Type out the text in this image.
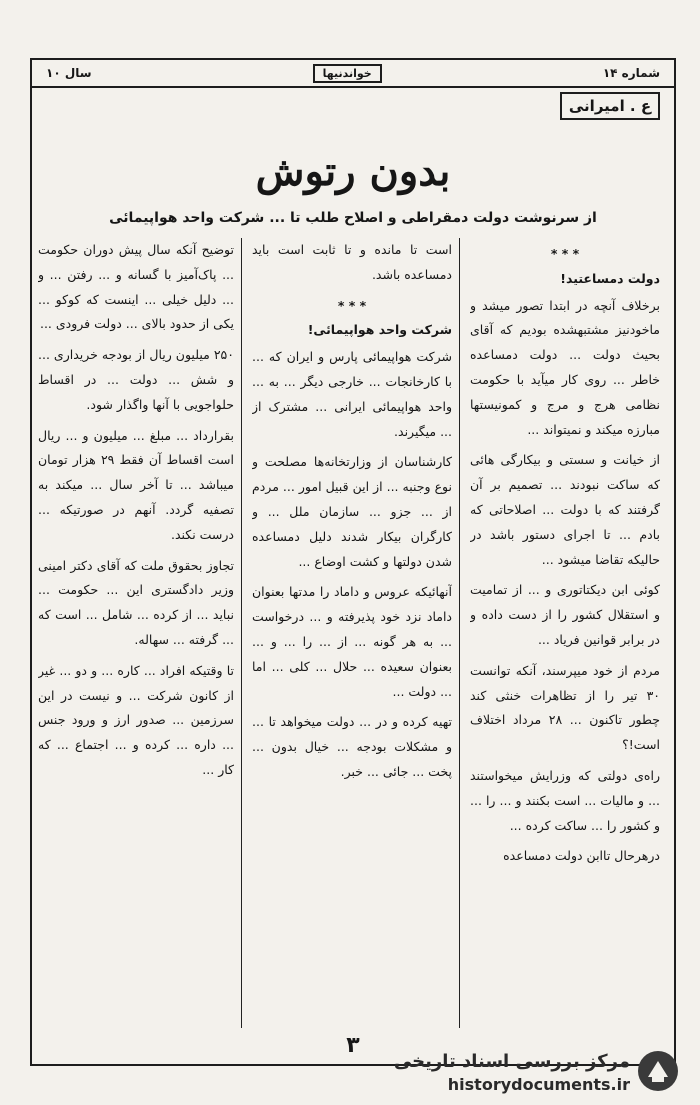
شماره ۱۴
خواندنیها
سال ۱۰
ع . امیرانی
بدون رتوش
از سرنوشت دولت دمقراطی و اصلاح طلب تا ... شرکت واحد هواپیمائی

* * *

دولت دمساعتید!

برخلاف آنچه در ابتدا تصور میشد و ماخودنیز مشتبهشده بودیم که آقای بحیث دولت ... دولت دمساعده خاطر ... روی کار میآید با حکومت نظامی هرج و مرج و کمونیستها مبارزه میکند و نمیتواند ...

از خیانت و سستی و بیکارگی هائی که ساکت نبودند ... تصمیم بر آن گرفتند که با دولت ... اصلاحاتی که بادم ... تا اجرای دستور باشد در حالیکه تقاضا میشود ...

کوئی ابن دیکتاتوری و ... از تمامیت و استقلال کشور را از دست داده و در برابر قوانین فریاد ...

مردم از خود میپرسند، آنکه توانست ۳۰ تیر را از تظاهرات خنثی کند چطور تاکنون ... ۲۸ مرداد اختلاف است!؟

راه‌ی دولتی که وزرایش میخواستند ... و مالیات ... است بکنند و ... را ... و کشور را ... ساکت کرده ...

درهرحال تاابن دولت دمساعده

است تا مانده و تا ثابت است باید دمساعده باشد.

* * *

شرکت واحد هواپیمائی!

شرکت هواپیمائی پارس و ایران که ... با کارخانجات ... خارجی دیگر ... به ... واحد هواپیمائی ایرانی ... مشترک از ... میگیرند.

کارشناسان از وزارتخانه‌ها مصلحت و نوع وجنبه ... از این قبیل امور ... مردم از ... جزو ... سازمان ملل ... و کارگران بیکار شدند دلیل دمساعده شدن دولتها و کشت اوضاع ...

آنهائیکه عروس و داماد را مدتها بعنوان داماد نزد خود پذیرفته و ... درخواست ... به هر گونه ... از ... را ... و ... بعنوان سعیده ... حلال ... کلی ... اما ... دولت ...

تهیه کرده و در ... دولت میخواهد تا ... و مشکلات بودجه ... خیال بدون ... پخت ... جائی ... خبر.

توضیح آنکه سال پیش دوران حکومت ... پاک‌آمیز با گسانه و ... رفتن ... و ... دلیل خیلی ... اینست که کوکو ... یکی از حدود بالای ... دولت فرودی ...

۲۵۰ میلیون ریال از بودجه خریداری ... و شش ... دولت ... در اقساط حلواجویی با آنها واگذار شود.

بقرارداد ... مبلغ ... میلیون و ... ریال است اقساط آن فقط ۲۹ هزار تومان میباشد ... تا آخر سال ... میکند به تصفیه گردد. آنهم در صورتیکه ... درست نکند.

تجاوز بحقوق ملت که آقای دکتر امینی وزیر دادگستری این ... حکومت ... نباید ... از کرده ... شامل ... است که ... گرفته ... سهاله.

تا وقتیکه افراد ... کاره ... و دو ... غیر از کانون شرکت ... و نیست در این سرزمین ... صدور ارز و ورود جنس ... داره ... کرده و ... اجتماع ... که کار ...

۳
مرکز بررسی اسناد تاریخی
historydocuments.ir
